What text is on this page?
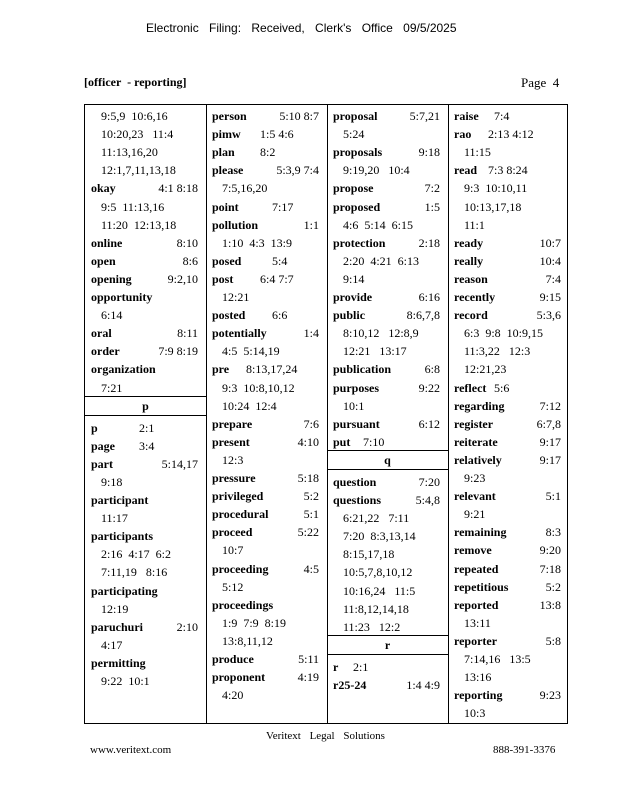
Electronic Filing: Received, Clerk's Office 09/5/2025
[officer  - reporting]	Page  4
9:5,9  10:6,16
10:20,23   11:4
11:13,16,20
12:1,7,11,13,18
okay	4:1 8:18
9:5  11:13,16
11:20  12:13,18
online	8:10
open	8:6
opening	9:2,10
opportunity
6:14
oral	8:11
order	7:9 8:19
organization
7:21
p
p	2:1
page 3:4
part	5:14,17
9:18
participant
11:17
participants
2:16  4:17  6:2
7:11,19   8:16
participating
12:19
paruchuri	2:10
4:17
permitting
9:22  10:1
person	5:10 8:7
pimw 1:5 4:6
plan 8:2
please	5:3,9 7:4
7:5,16,20
point	7:17
pollution	1:1
1:10  4:3  13:9
posed	5:4
post 6:4 7:7
12:21
posted 6:6
potentially	1:4
4:5  5:14,19
pre 8:13,17,24
9:3  10:8,10,12
10:24  12:4
prepare	7:6
present	4:10
12:3
pressure	5:18
privileged	5:2
procedural	5:1
proceed	5:22
10:7
proceeding	4:5
5:12
proceedings
1:9  7:9  8:19
13:8,11,12
produce	5:11
proponent	4:19
4:20
proposal	5:7,21
5:24
proposals	9:18
9:19,20   10:4
propose	7:2
proposed	1:5
4:6  5:14  6:15
protection	2:18
2:20  4:21  6:13
9:14
provide	6:16
public	8:6,7,8
8:10,12   12:8,9
12:21   13:17
publication	6:8
purposes	9:22
10:1
pursuant	6:12
put 7:10
q
question	7:20
questions	5:4,8
6:21,22   7:11
7:20  8:3,13,14
8:15,17,18
10:5,7,8,10,12
10:16,24   11:5
11:8,12,14,18
11:23   12:2
r
r 2:1
r25-24	1:4 4:9
raise 7:4
rao 2:13 4:12
11:15
read 7:3 8:24
9:3  10:10,11
10:13,17,18
11:1
ready	10:7
really	10:4
reason	7:4
recently	9:15
record	5:3,6
6:3  9:8  10:9,15
11:3,22   12:3
12:21,23
reflect 5:6
regarding	7:12
register	6:7,8
reiterate	9:17
relatively	9:17
9:23
relevant	5:1
9:21
remaining	8:3
remove	9:20
repeated	7:18
repetitious	5:2
reported	13:8
13:11
reporter	5:8
7:14,16   13:5
13:16
reporting	9:23
10:3
Veritext Legal Solutions
www.veritext.com	888-391-3376
